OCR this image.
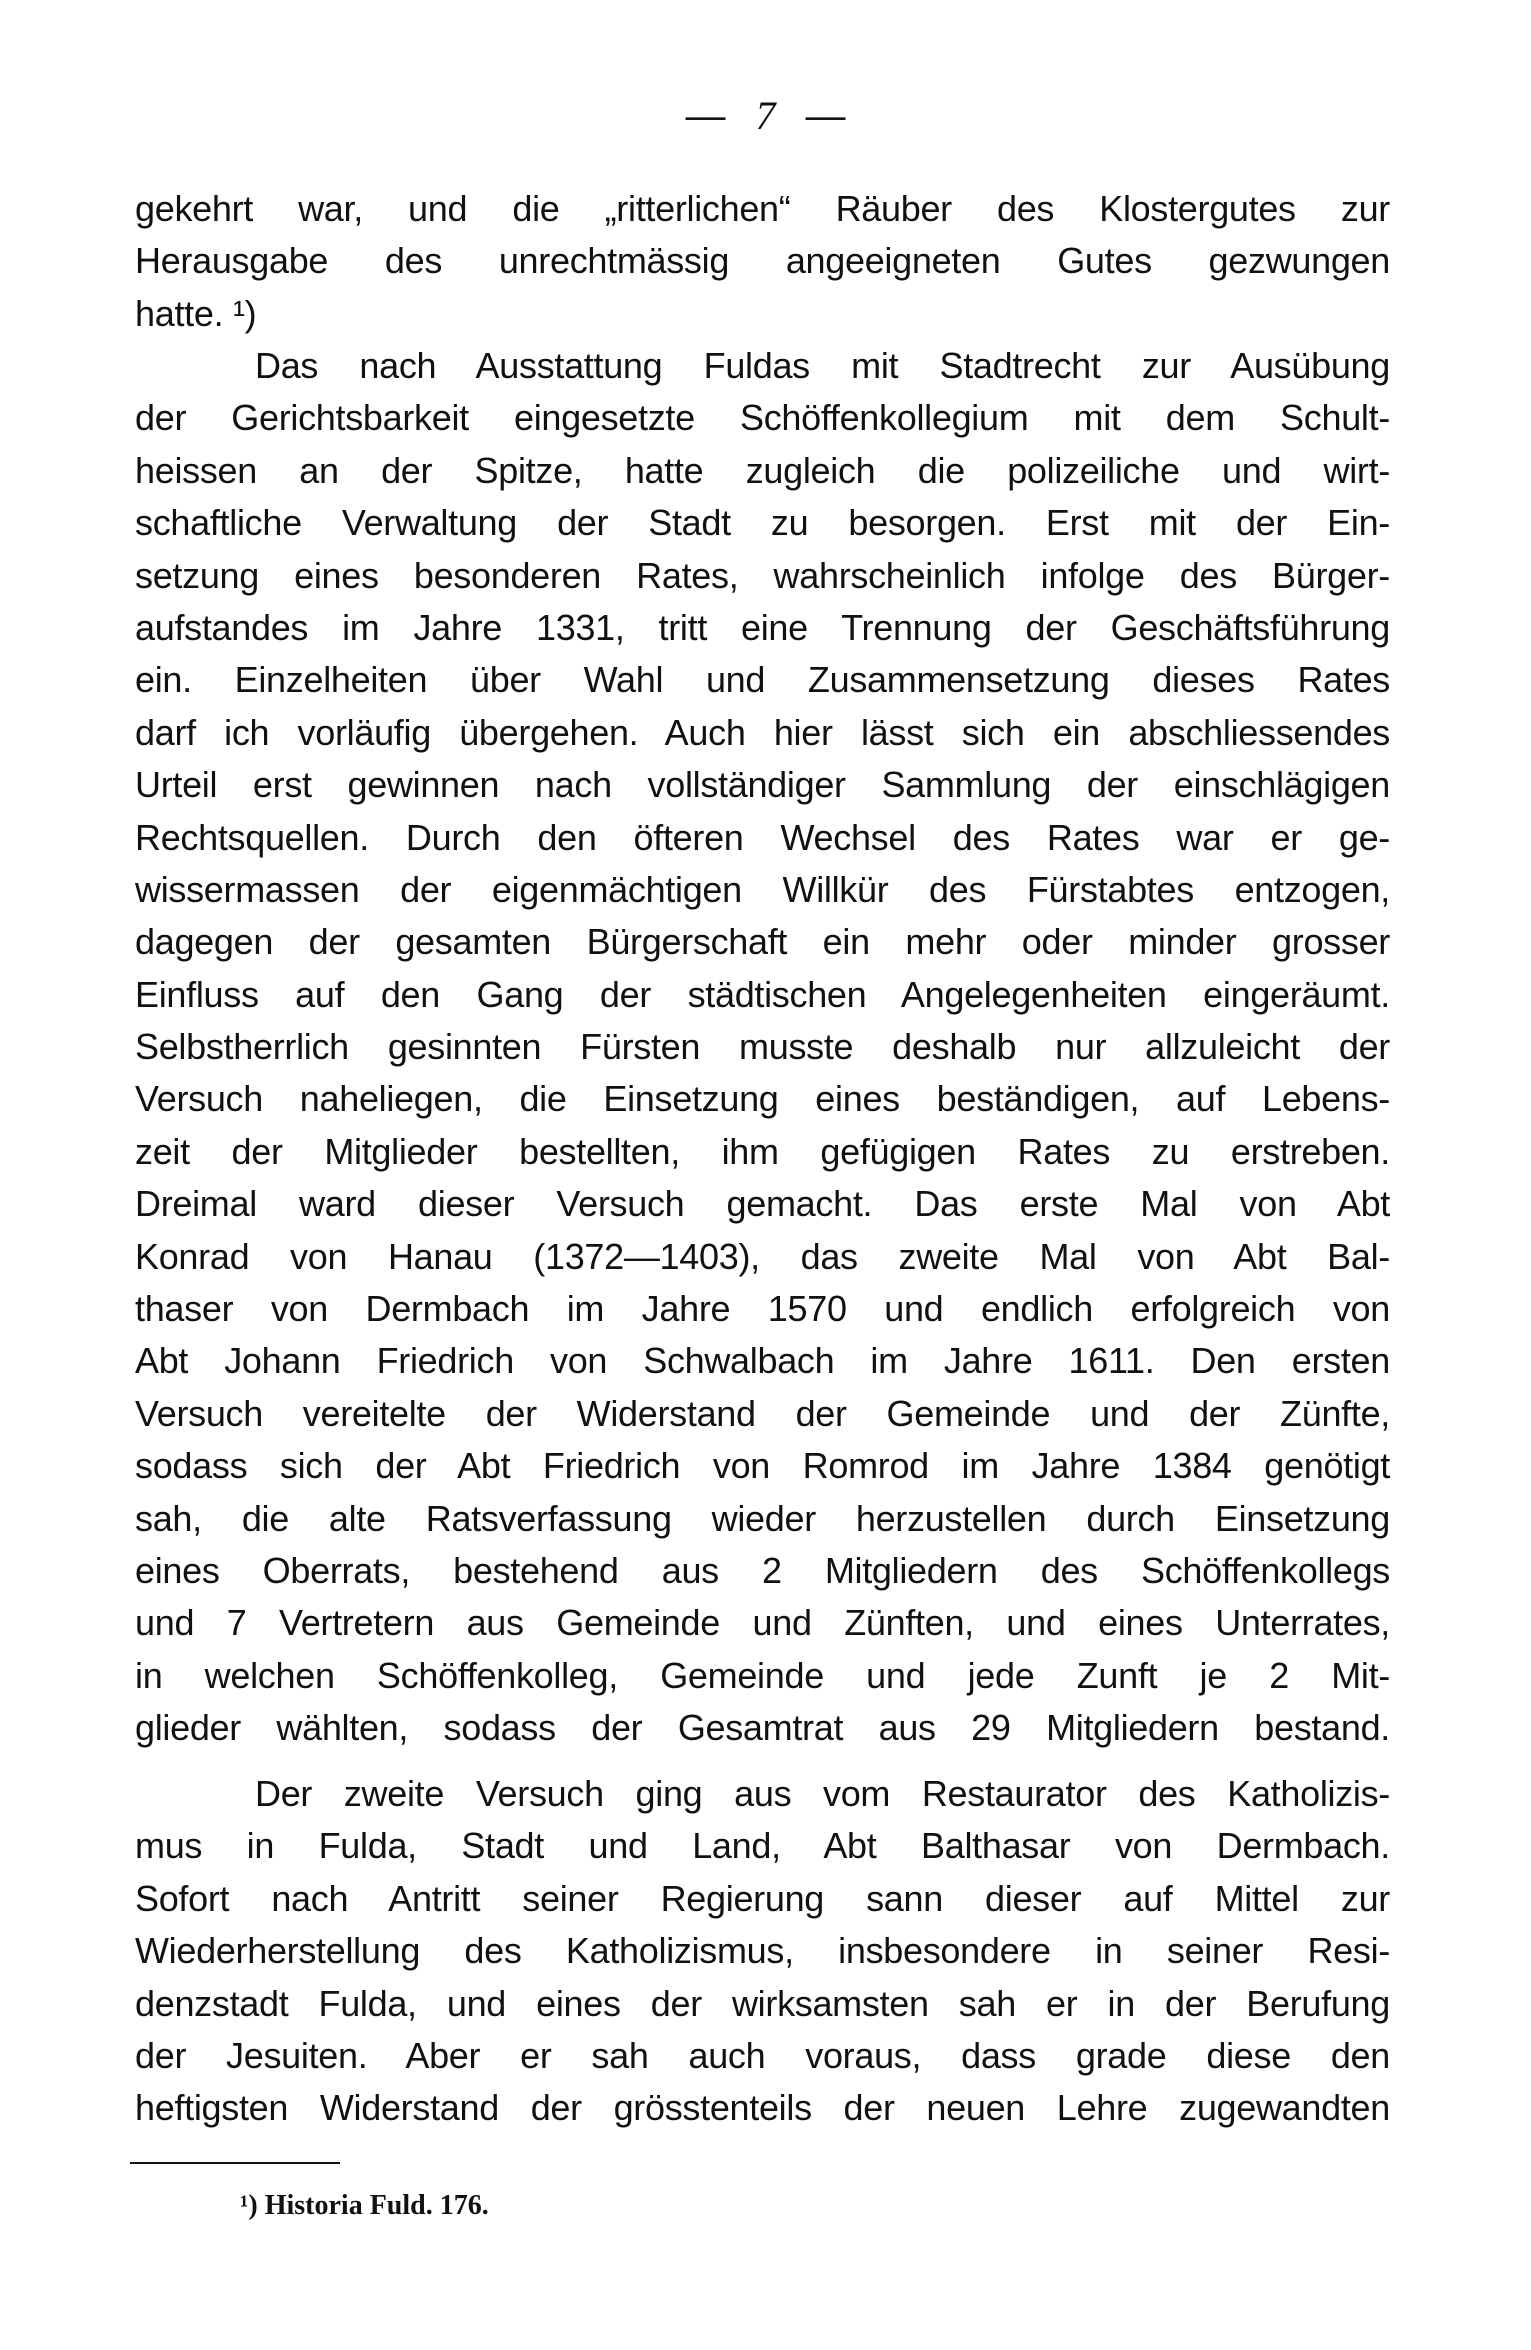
— 7 —
gekehrt war, und die „ritterlichen“ Räuber des Klostergutes zur
Herausgabe des unrechtmässig angeeigneten Gutes gezwungen
hatte. ¹)
Das nach Ausstattung Fuldas mit Stadtrecht zur Ausübung
der Gerichtsbarkeit eingesetzte Schöffenkollegium mit dem Schult-
heissen an der Spitze, hatte zugleich die polizeiliche und wirt-
schaftliche Verwaltung der Stadt zu besorgen. Erst mit der Ein-
setzung eines besonderen Rates, wahrscheinlich infolge des Bürger-
aufstandes im Jahre 1331, tritt eine Trennung der Geschäftsführung
ein. Einzelheiten über Wahl und Zusammensetzung dieses Rates
darf ich vorläufig übergehen. Auch hier lässt sich ein abschliessendes
Urteil erst gewinnen nach vollständiger Sammlung der einschlägigen
Rechtsquellen. Durch den öfteren Wechsel des Rates war er ge-
wissermassen der eigenmächtigen Willkür des Fürstabtes entzogen,
dagegen der gesamten Bürgerschaft ein mehr oder minder grosser
Einfluss auf den Gang der städtischen Angelegenheiten eingeräumt.
Selbstherrlich gesinnten Fürsten musste deshalb nur allzuleicht der
Versuch naheliegen, die Einsetzung eines beständigen, auf Lebens-
zeit der Mitglieder bestellten, ihm gefügigen Rates zu erstreben.
Dreimal ward dieser Versuch gemacht. Das erste Mal von Abt
Konrad von Hanau (1372—1403), das zweite Mal von Abt Bal-
thaser von Dermbach im Jahre 1570 und endlich erfolgreich von
Abt Johann Friedrich von Schwalbach im Jahre 1611. Den ersten
Versuch vereitelte der Widerstand der Gemeinde und der Zünfte,
sodass sich der Abt Friedrich von Romrod im Jahre 1384 genötigt
sah, die alte Ratsverfassung wieder herzustellen durch Einsetzung
eines Oberrats, bestehend aus 2 Mitgliedern des Schöffenkollegs
und 7 Vertretern aus Gemeinde und Zünften, und eines Unterrates,
in welchen Schöffenkolleg, Gemeinde und jede Zunft je 2 Mit-
glieder wählten, sodass der Gesamtrat aus 29 Mitgliedern bestand.
Der zweite Versuch ging aus vom Restaurator des Katholizis-
mus in Fulda, Stadt und Land, Abt Balthasar von Dermbach.
Sofort nach Antritt seiner Regierung sann dieser auf Mittel zur
Wiederherstellung des Katholizismus, insbesondere in seiner Resi-
denzstadt Fulda, und eines der wirksamsten sah er in der Berufung
der Jesuiten. Aber er sah auch voraus, dass grade diese den
heftigsten Widerstand der grösstenteils der neuen Lehre zugewandten
¹) Historia Fuld. 176.
